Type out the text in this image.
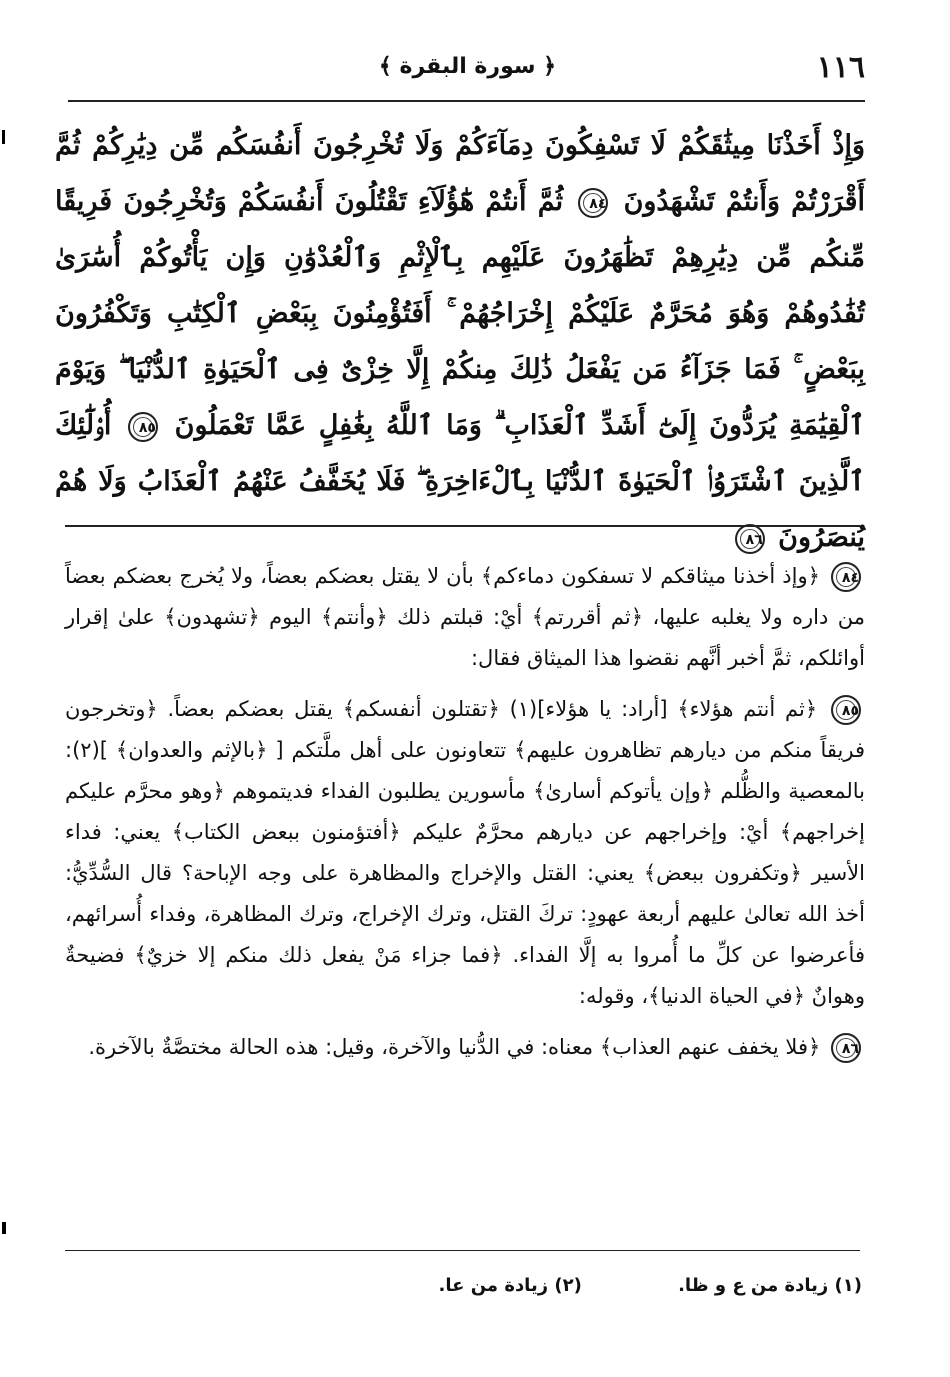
١١٦
﴿ سورة البقرة ﴾
وَإِذْ أَخَذْنَا مِيثَٰقَكُمْ لَا تَسْفِكُونَ دِمَآءَكُمْ وَلَا تُخْرِجُونَ أَنفُسَكُم مِّن دِيَٰرِكُمْ ثُمَّ أَقْرَرْتُمْ وَأَنتُمْ تَشْهَدُونَ ٨٤ ثُمَّ أَنتُمْ هَٰٓؤُلَآءِ تَقْتُلُونَ أَنفُسَكُمْ وَتُخْرِجُونَ فَرِيقًا مِّنكُم مِّن دِيَٰرِهِمْ تَظَٰهَرُونَ عَلَيْهِم بِٱلْإِثْمِ وَٱلْعُدْوَٰنِ وَإِن يَأْتُوكُمْ أُسَٰرَىٰ تُفَٰدُوهُمْ وَهُوَ مُحَرَّمٌ عَلَيْكُمْ إِخْرَاجُهُمْ ۚ أَفَتُؤْمِنُونَ بِبَعْضِ ٱلْكِتَٰبِ وَتَكْفُرُونَ بِبَعْضٍ ۚ فَمَا جَزَآءُ مَن يَفْعَلُ ذَٰلِكَ مِنكُمْ إِلَّا خِزْىٌ فِى ٱلْحَيَوٰةِ ٱلدُّنْيَا ۖ وَيَوْمَ ٱلْقِيَٰمَةِ يُرَدُّونَ إِلَىٰٓ أَشَدِّ ٱلْعَذَابِ ۗ وَمَا ٱللَّهُ بِغَٰفِلٍ عَمَّا تَعْمَلُونَ ٨٥ أُو۟لَٰٓئِكَ ٱلَّذِينَ ٱشْتَرَوُا۟ ٱلْحَيَوٰةَ ٱلدُّنْيَا بِٱلْءَاخِرَةِ ۖ فَلَا يُخَفَّفُ عَنْهُمُ ٱلْعَذَابُ وَلَا هُمْ يُنصَرُونَ ٨٦

٨٤ ﴿وإذ أخذنا ميثاقكم لا تسفكون دماءكم﴾ بأن لا يقتل بعضكم بعضاً، ولا يُخرج بعضكم بعضاً من داره ولا يغلبه عليها، ﴿ثم أقررتم﴾ أيْ: قبلتم ذلك ﴿وأنتم﴾ اليوم ﴿تشهدون﴾ علىٰ إقرار أوائلكم، ثمَّ أخبر أنَّهم نقضوا هذا الميثاق فقال:

٨٥ ﴿ثم أنتم هؤلاء﴾ [أراد: يا هؤلاء](١) ﴿تقتلون أنفسكم﴾ يقتل بعضكم بعضاً. ﴿وتخرجون فريقاً منكم من ديارهم تظاهرون عليهم﴾ تتعاونون على أهل ملَّتكم [ ﴿بالإثم والعدوان﴾ ](٢): بالمعصية والظُّلم ﴿وإن يأتوكم أسارىٰ﴾ مأسورين يطلبون الفداء فديتموهم ﴿وهو محرَّم عليكم إخراجهم﴾ أيْ: وإخراجهم عن ديارهم محرَّمٌ عليكم ﴿أفتؤمنون ببعض الكتاب﴾ يعني: فداء الأسير ﴿وتكفرون ببعض﴾ يعني: القتل والإخراج والمظاهرة على وجه الإباحة؟ قال السُّدِّيُّ: أخذ الله تعالىٰ عليهم أربعة عهودٍ: تركَ القتل، وترك الإخراج، وترك المظاهرة، وفداء أُسرائهم، فأعرضوا عن كلِّ ما أُمروا به إلَّا الفداء. ﴿فما جزاء مَنْ يفعل ذلك منكم إلا خزيٌ﴾ فضيحةٌ وهوانٌ ﴿في الحياة الدنيا﴾، وقوله:

٨٦ ﴿فلا يخفف عنهم العذاب﴾ معناه: في الدُّنيا والآخرة، وقيل: هذه الحالة مختصَّةٌ بالآخرة.

(١) زيادة من ع و ظا. (٢) زيادة من عا.
